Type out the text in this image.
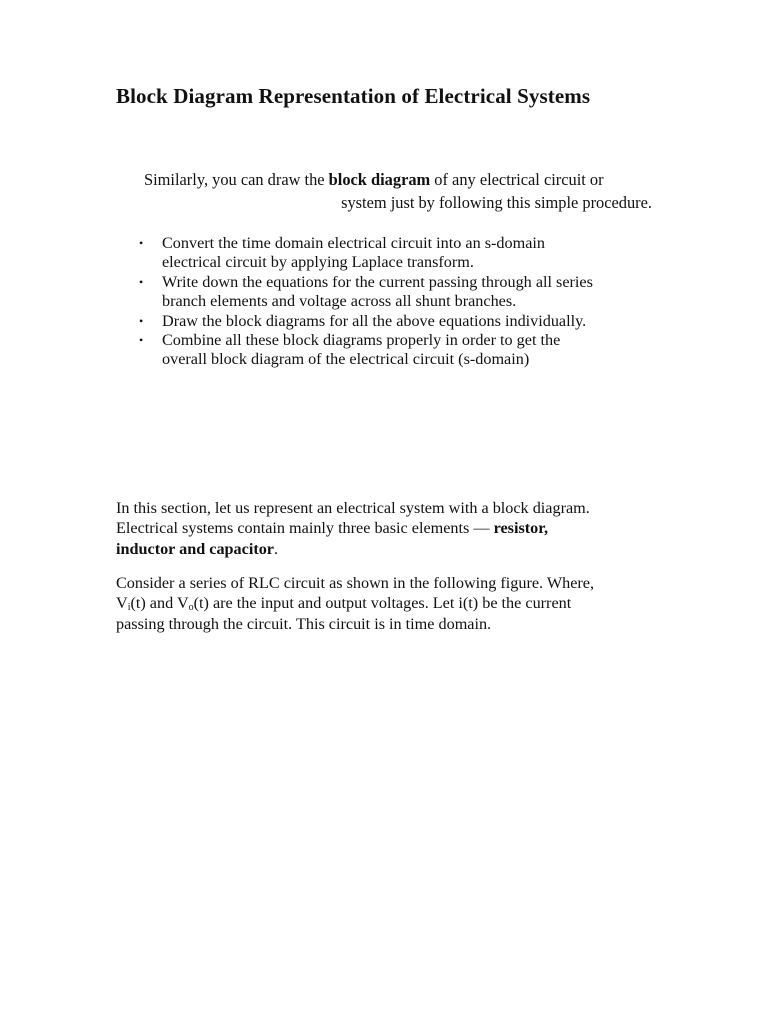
Block Diagram Representation of Electrical Systems

Similarly, you can draw the block diagram of any electrical circuit or

system just by following this simple procedure.

• Convert the time domain electrical circuit into an s-domain
electrical circuit by applying Laplace transform.
• Write down the equations for the current passing through all series
branch elements and voltage across all shunt branches.
• Draw the block diagrams for all the above equations individually.
• Combine all these block diagrams properly in order to get the
overall block diagram of the electrical circuit (s-domain)

In this section, let us represent an electrical system with a block diagram.
Electrical systems contain mainly three basic elements — resistor,
inductor and capacitor.

Consider a series of RLC circuit as shown in the following figure. Where,
$V_i(t)$ and $V_o(t)$ are the input and output voltages. Let i(t) be the current
passing through the circuit. This circuit is in time domain.
